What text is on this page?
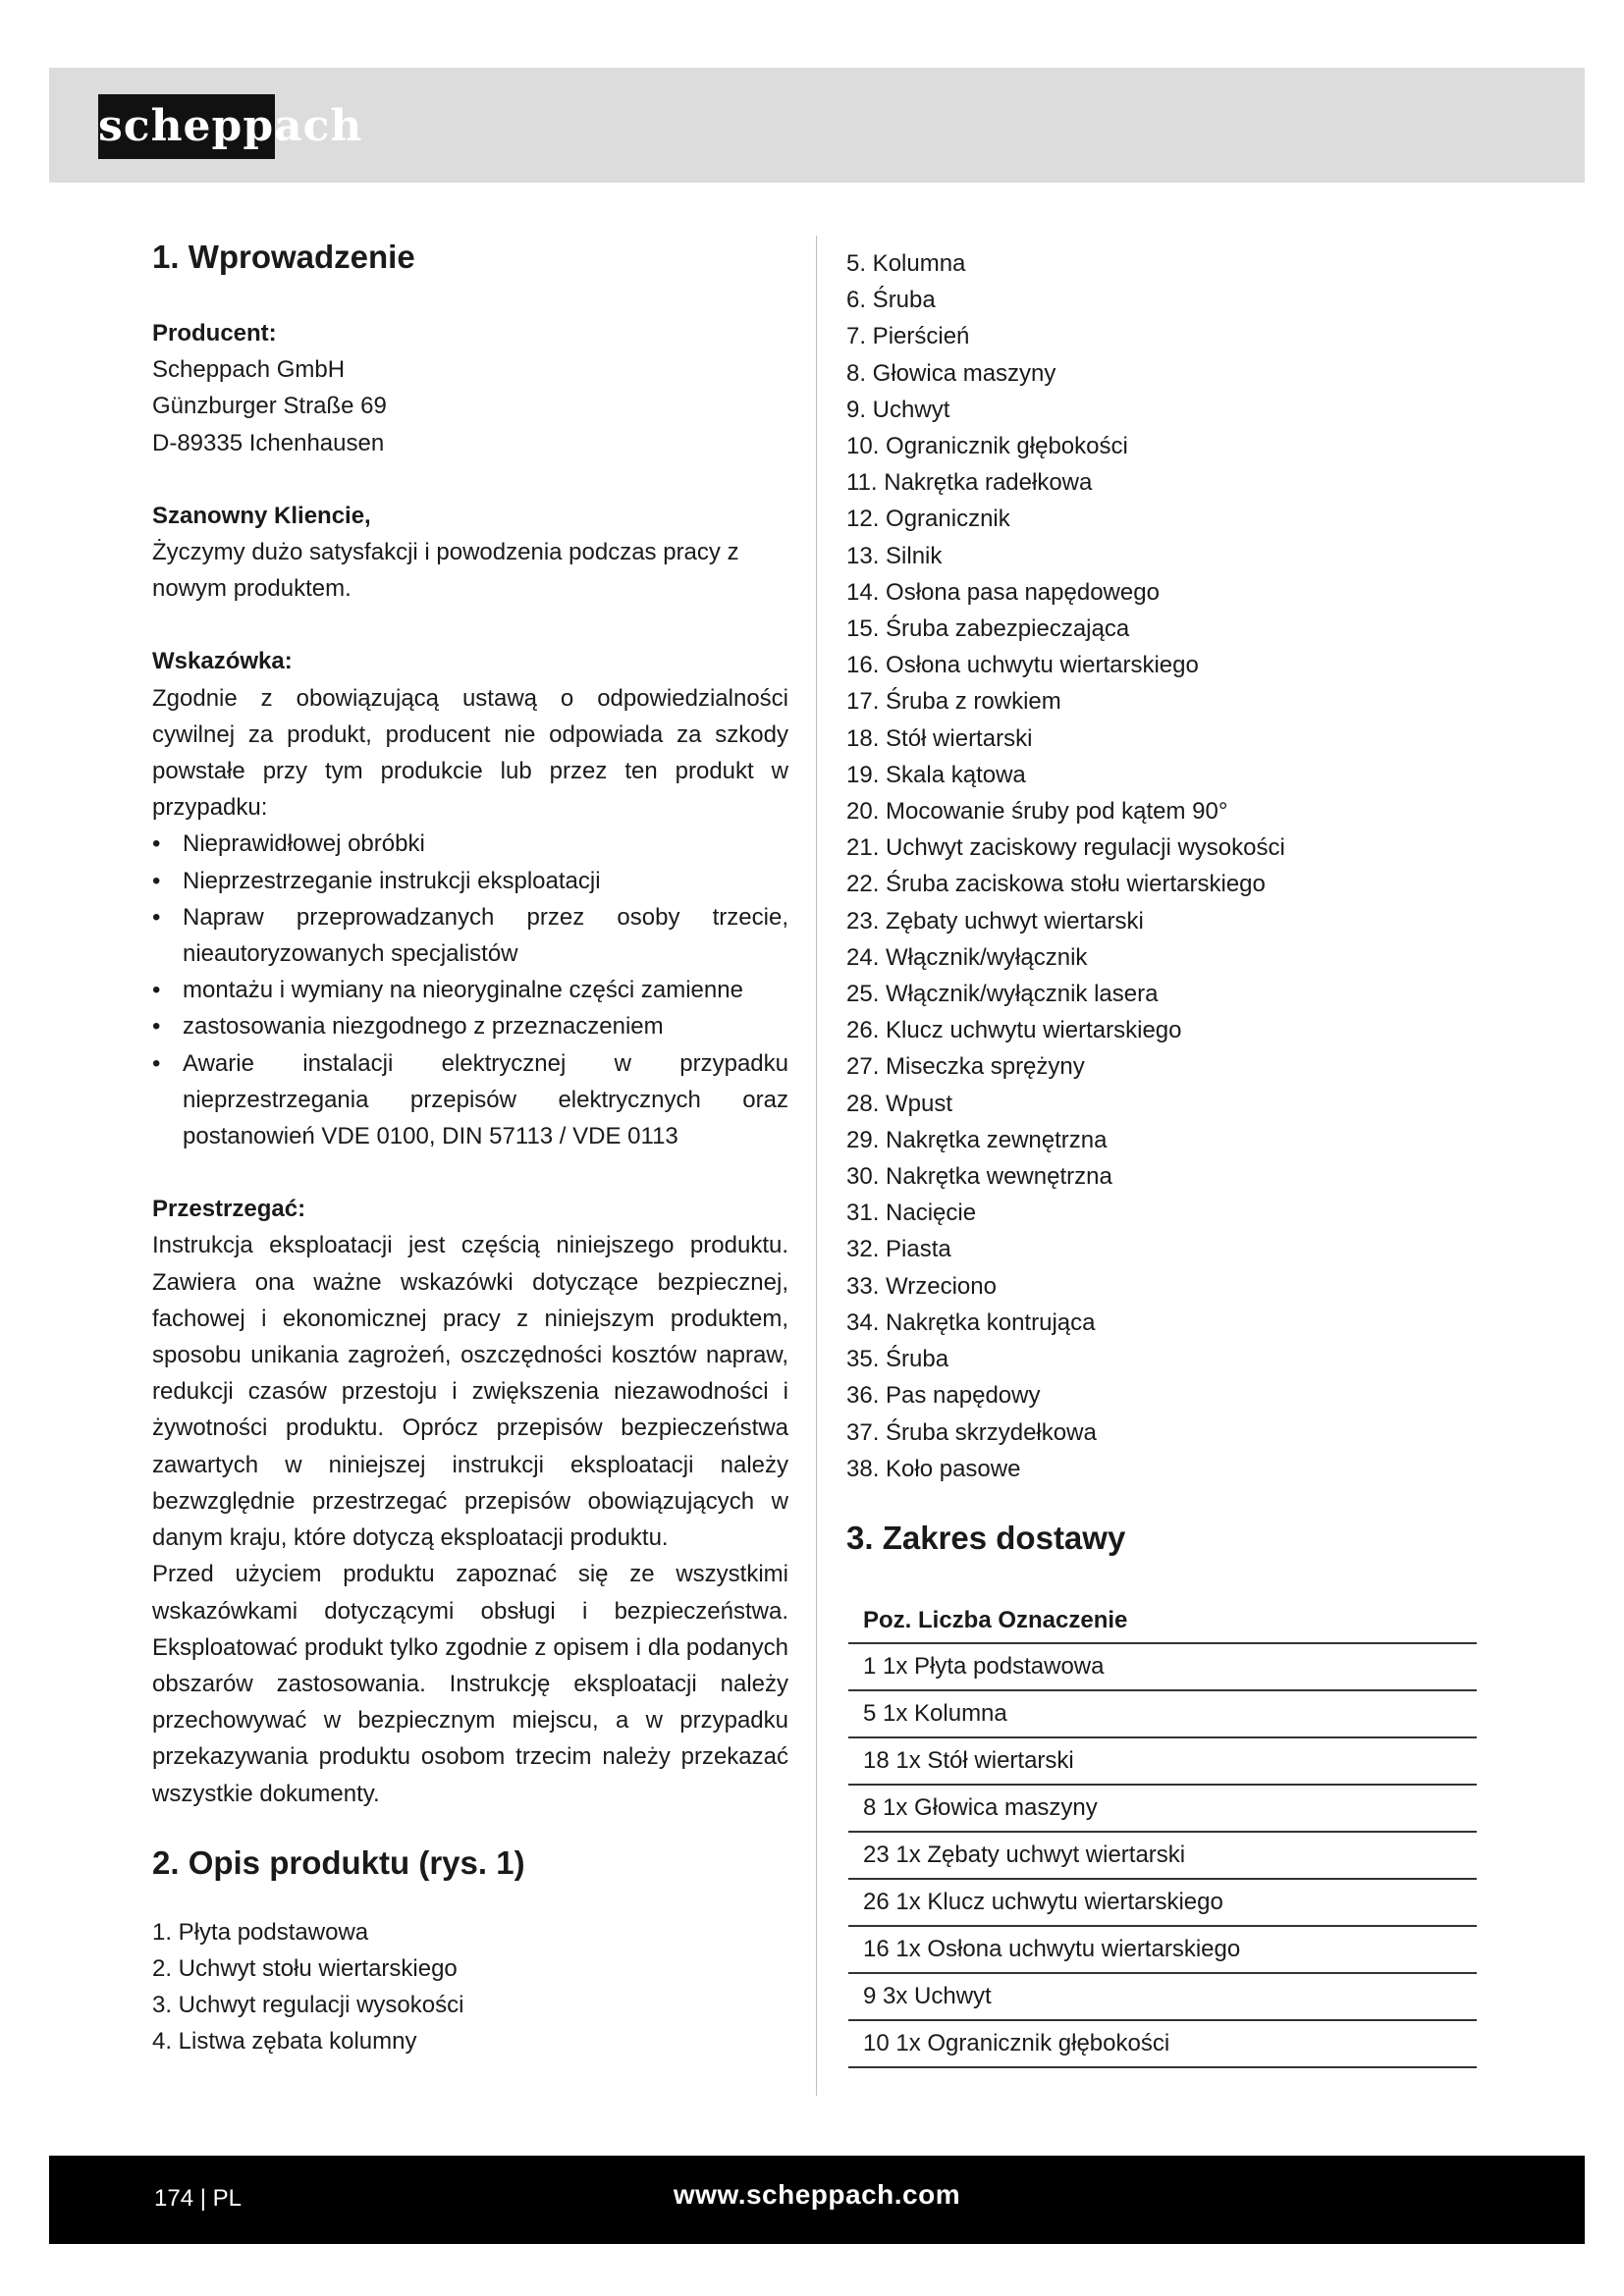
scheppach
1. Wprowadzenie

Producent:

Scheppach GmbH

Günzburger Straße 69

D-89335 Ichenhausen

Szanowny Kliencie,

Życzymy dużo satysfakcji i powodzenia podczas pracy z nowym produktem.

Wskazówka:

Zgodnie z obowiązującą ustawą o odpowiedzialności cywilnej za produkt, producent nie odpowiada za szkody powstałe przy tym produkcie lub przez ten produkt w przypadku:

• Nieprawidłowej obróbki
• Nieprzestrzeganie instrukcji eksploatacji
• Napraw przeprowadzanych przez osoby trzecie, nieautoryzowanych specjalistów
• montażu i wymiany na nieoryginalne części zamienne
• zastosowania niezgodnego z przeznaczeniem
• Awarie instalacji elektrycznej w przypadku nieprzestrzegania przepisów elektrycznych oraz postanowień VDE 0100, DIN 57113 / VDE 0113

Przestrzegać:

Instrukcja eksploatacji jest częścią niniejszego produktu. Zawiera ona ważne wskazówki dotyczące bezpiecznej, fachowej i ekonomicznej pracy z niniejszym produktem, sposobu unikania zagrożeń, oszczędności kosztów napraw, redukcji czasów przestoju i zwiększenia niezawodności i żywotności produktu. Oprócz przepisów bezpieczeństwa zawartych w niniejszej instrukcji eksploatacji należy bezwzględnie przestrzegać przepisów obowiązujących w danym kraju, które dotyczą eksploatacji produktu.

Przed użyciem produktu zapoznać się ze wszystkimi wskazówkami dotyczącymi obsługi i bezpieczeństwa. Eksploatować produkt tylko zgodnie z opisem i dla podanych obszarów zastosowania. Instrukcję eksploatacji należy przechowywać w bezpiecznym miejscu, a w przypadku przekazywania produktu osobom trzecim należy przekazać wszystkie dokumenty.

2. Opis produktu (rys. 1)
1. Płyta podstawowa
2. Uchwyt stołu wiertarskiego
3. Uchwyt regulacji wysokości
4. Listwa zębata kolumny
5. Kolumna
6. Śruba
7. Pierścień
8. Głowica maszyny
9. Uchwyt
10. Ogranicznik głębokości
11. Nakrętka radełkowa
12. Ogranicznik
13. Silnik
14. Osłona pasa napędowego
15. Śruba zabezpieczająca
16. Osłona uchwytu wiertarskiego
17. Śruba z rowkiem
18. Stół wiertarski
19. Skala kątowa
20. Mocowanie śruby pod kątem 90°
21. Uchwyt zaciskowy regulacji wysokości
22. Śruba zaciskowa stołu wiertarskiego
23. Zębaty uchwyt wiertarski
24. Włącznik/wyłącznik
25. Włącznik/wyłącznik lasera
26. Klucz uchwytu wiertarskiego
27. Miseczka sprężyny
28. Wpust
29. Nakrętka zewnętrzna
30. Nakrętka wewnętrzna
31. Nacięcie
32. Piasta
33. Wrzeciono
34. Nakrętka kontrująca
35. Śruba
36. Pas napędowy
37. Śruba skrzydełkowa
38. Koło pasowe
3. Zakres dostawy
Poz. Liczba Oznaczenie
1 1x Płyta podstawowa
5 1x Kolumna
18 1x Stół wiertarski
8 1x Głowica maszyny
23 1x Zębaty uchwyt wiertarski
26 1x Klucz uchwytu wiertarskiego
16 1x Osłona uchwytu wiertarskiego
9 3x Uchwyt
10 1x Ogranicznik głębokości
174 | PL	www.scheppach.com
